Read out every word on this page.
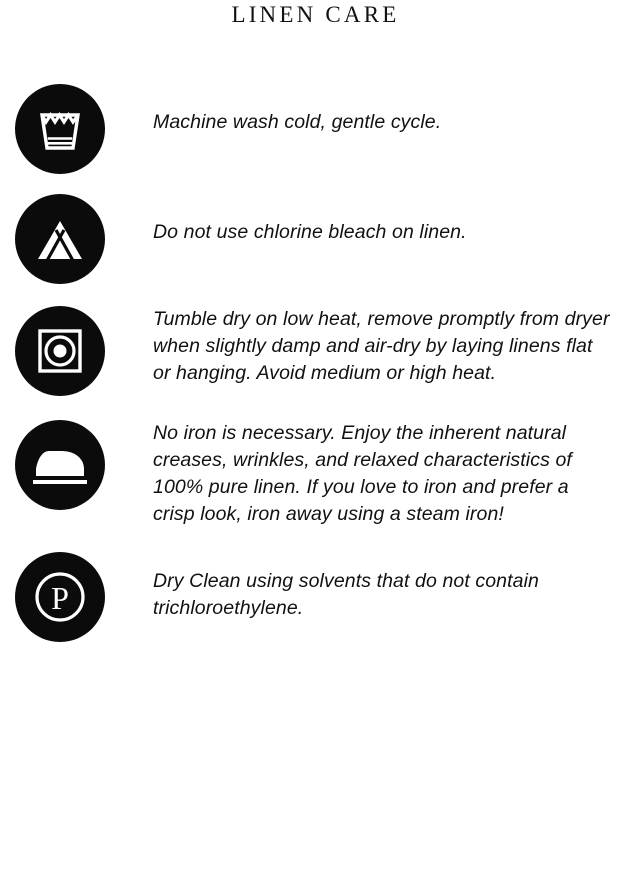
LINEN CARE
Machine wash cold, gentle cycle.
Do not use chlorine bleach on linen.
Tumble dry on low heat, remove promptly from dryer when slightly damp and air-dry by laying linens flat or hanging. Avoid medium or high heat.
No iron is necessary. Enjoy the inherent natural creases, wrinkles, and relaxed characteristics of 100% pure linen. If you love to iron and prefer a crisp look, iron away using a steam iron!
P	Dry Clean using solvents that do not contain trichloroethylene.
